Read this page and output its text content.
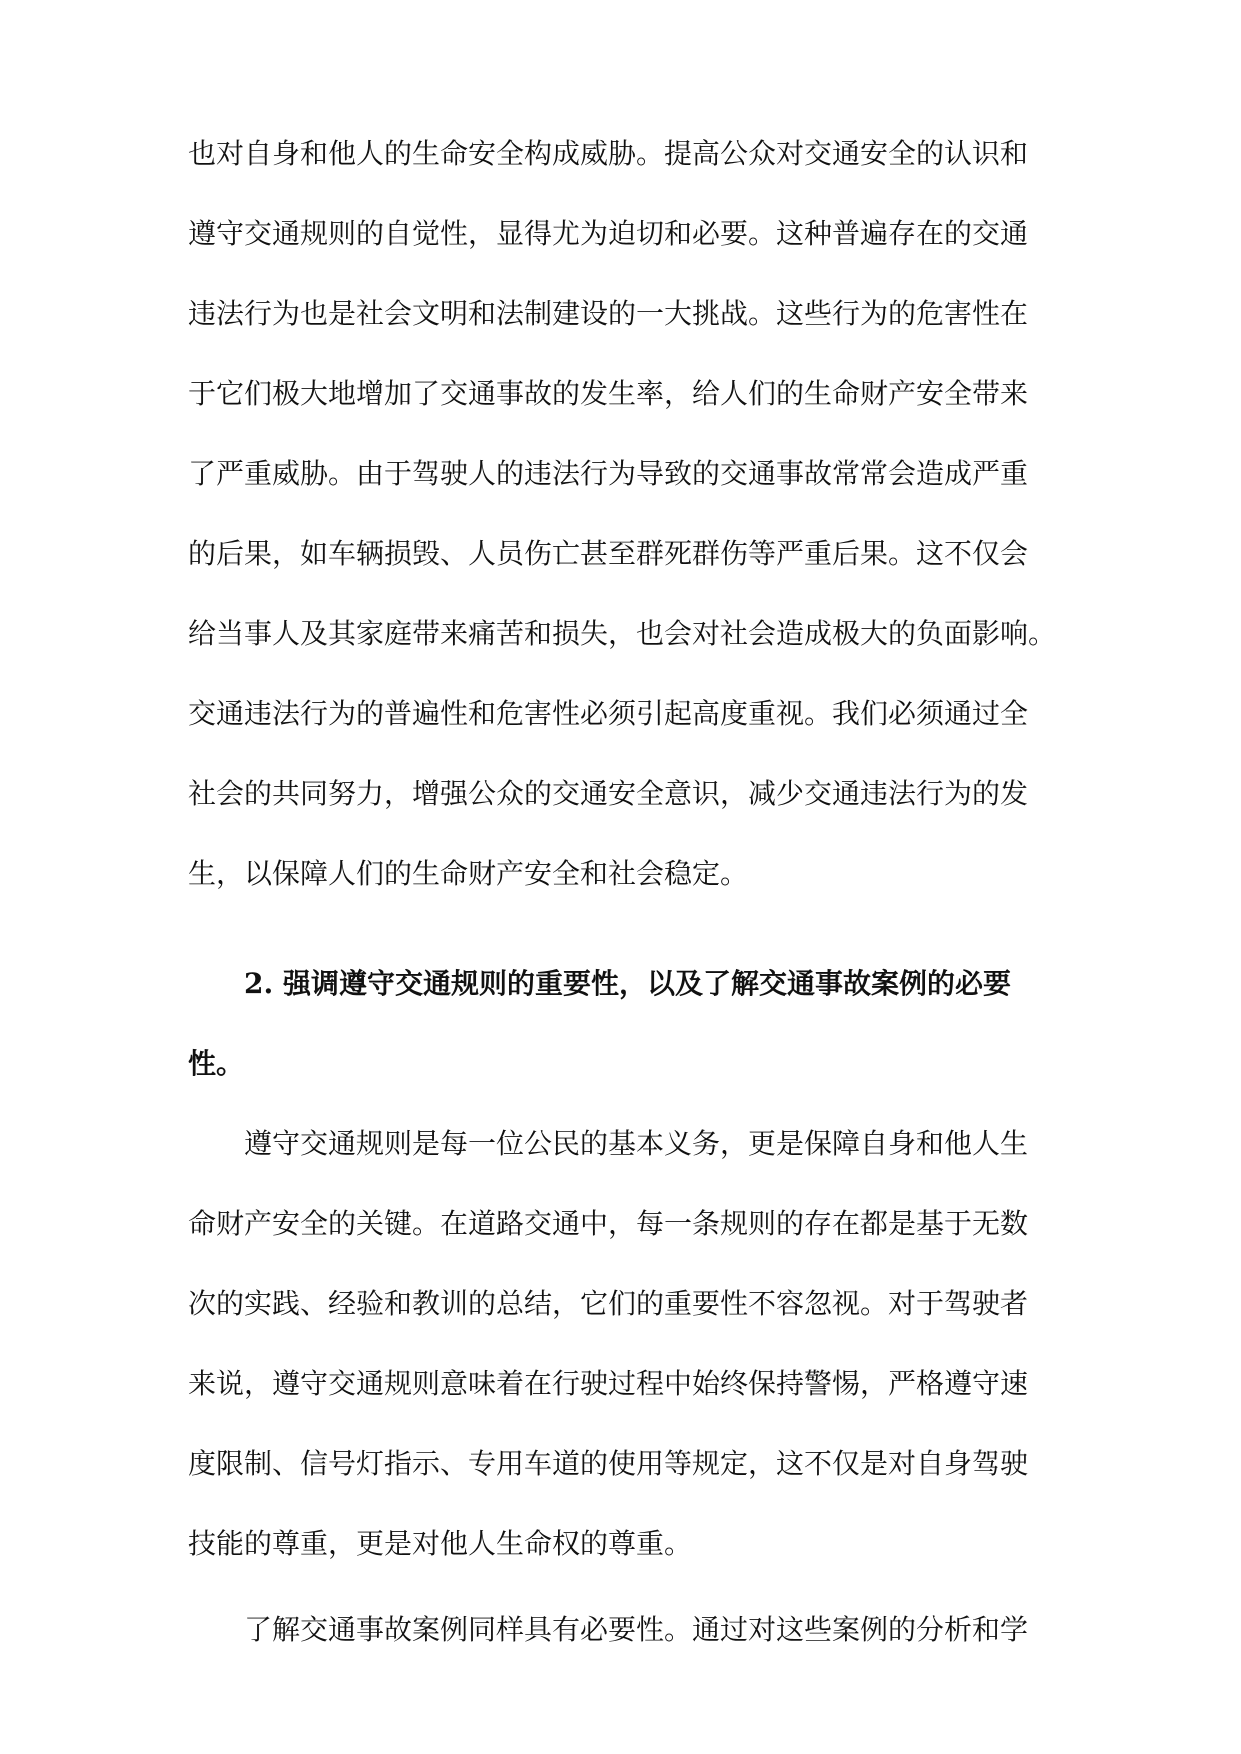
也对自身和他人的生命安全构成威胁。提高公众对交通安全的认识和
遵守交通规则的自觉性，显得尤为迫切和必要。这种普遍存在的交通
违法行为也是社会文明和法制建设的一大挑战。这些行为的危害性在
于它们极大地增加了交通事故的发生率，给人们的生命财产安全带来
了严重威胁。由于驾驶人的违法行为导致的交通事故常常会造成严重
的后果，如车辆损毁、人员伤亡甚至群死群伤等严重后果。这不仅会
给当事人及其家庭带来痛苦和损失，也会对社会造成极大的负面影响。
交通违法行为的普遍性和危害性必须引起高度重视。我们必须通过全
社会的共同努力，增强公众的交通安全意识，减少交通违法行为的发
生，以保障人们的生命财产安全和社会稳定。
2. 强调遵守交通规则的重要性，以及了解交通事故案例的必要
性。
遵守交通规则是每一位公民的基本义务，更是保障自身和他人生
命财产安全的关键。在道路交通中，每一条规则的存在都是基于无数
次的实践、经验和教训的总结，它们的重要性不容忽视。对于驾驶者
来说，遵守交通规则意味着在行驶过程中始终保持警惕，严格遵守速
度限制、信号灯指示、专用车道的使用等规定，这不仅是对自身驾驶
技能的尊重，更是对他人生命权的尊重。
了解交通事故案例同样具有必要性。通过对这些案例的分析和学
